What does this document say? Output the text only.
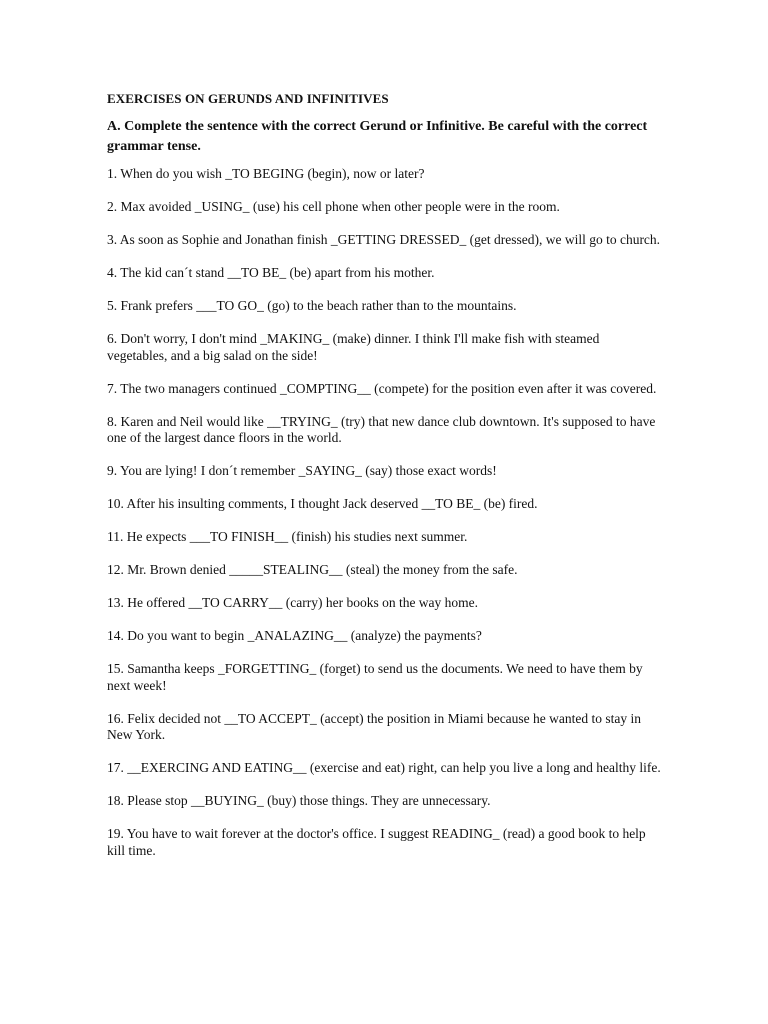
EXERCISES ON GERUNDS AND INFINITIVES
A. Complete the sentence with the correct Gerund or Infinitive. Be careful with the correct grammar tense.
1. When do you wish _TO BEGING (begin), now or later?
2. Max avoided _USING_ (use) his cell phone when other people were in the room.
3. As soon as Sophie and Jonathan finish _GETTING DRESSED_ (get dressed), we will go to church.
4. The kid can´t stand __TO BE_ (be) apart from his mother.
5. Frank prefers ___TO GO_ (go) to the beach rather than to the mountains.
6. Don't worry, I don't mind _MAKING_ (make) dinner. I think I'll make fish with steamed vegetables, and a big salad on the side!
7. The two managers continued _COMPTING__ (compete) for the position even after it was covered.
8. Karen and Neil would like __TRYING_ (try) that new dance club downtown. It's supposed to have one of the largest dance floors in the world.
9. You are lying! I don´t remember _SAYING_ (say) those exact words!
10. After his insulting comments, I thought Jack deserved __TO BE_ (be) fired.
11. He expects ___TO FINISH__ (finish) his studies next summer.
12. Mr. Brown denied _____STEALING__ (steal) the money from the safe.
13. He offered __TO CARRY__ (carry) her books on the way home.
14. Do you want to begin _ANALAZING__ (analyze) the payments?
15. Samantha keeps _FORGETTING_ (forget) to send us the documents. We need to have them by next week!
16. Felix decided not __TO ACCEPT_ (accept) the position in Miami because he wanted to stay in New York.
17. __EXERCING AND EATING__ (exercise and eat) right, can help you live a long and healthy life.
18. Please stop __BUYING_ (buy) those things. They are unnecessary.
19. You have to wait forever at the doctor's office. I suggest READING_ (read) a good book to help kill time.
